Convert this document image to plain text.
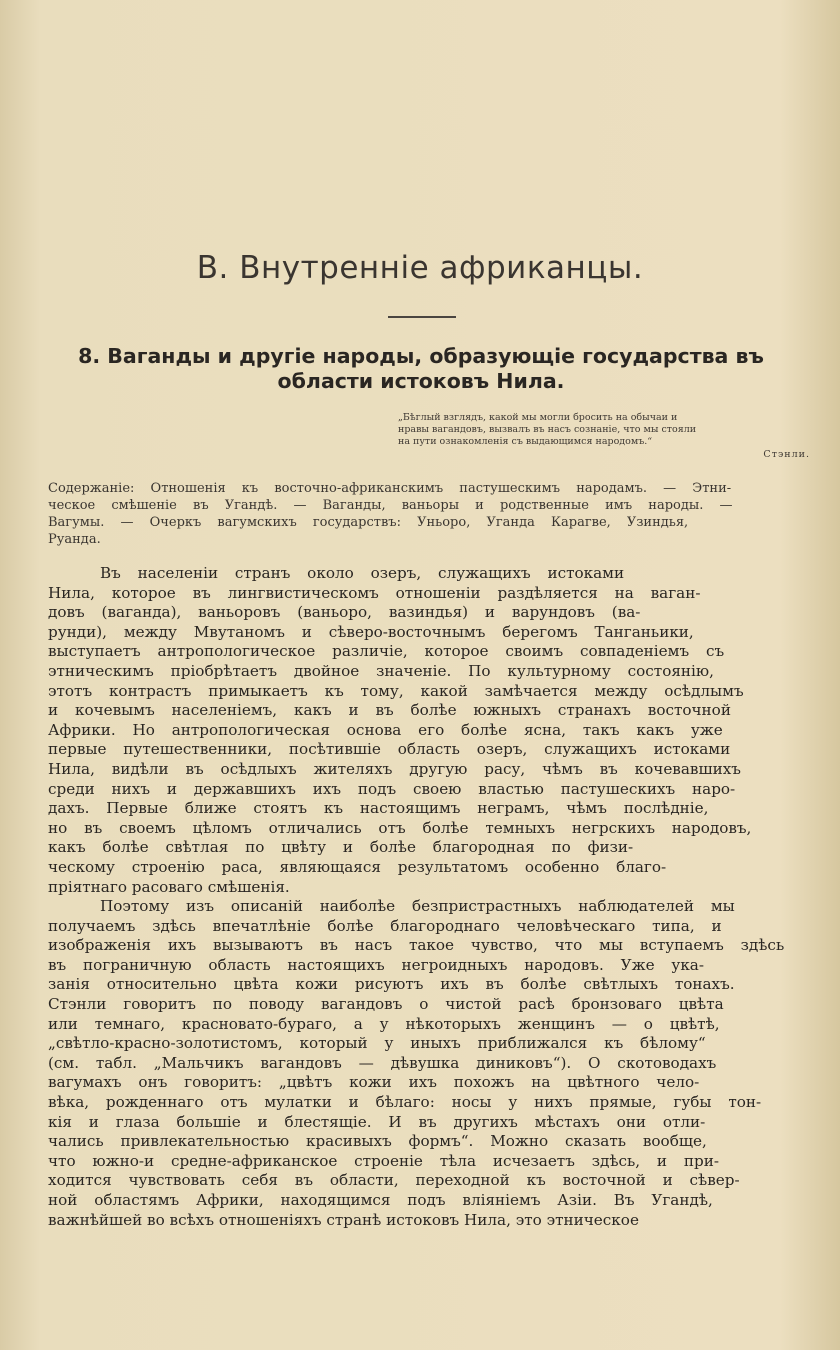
B. Внутренніе африканцы.
8. Ваганды и другіе народы, образующіе государства въ области истоковъ Нила.
„Бѣглый взглядъ, какой мы могли бросить на обычаи и
нравы вагандовъ, вызвалъ въ насъ сознаніе, что мы стояли
на пути ознакомленія съ выдающимся народомъ.“
Стэнли.
Содержаніе: Отношенія къ восточно-африканскимъ пастушескимъ народамъ. — Этни-
ческое смѣшеніе въ Угандѣ. — Ваганды, ваньоры и родственные имъ народы. —
Вагумы. — Очеркъ вагумскихъ государствъ: Уньоро, Уганда Карагве, Узиндья,
Руанда.
Въ населеніи странъ около озеръ, служащихъ истоками
Нила, которое въ лингвистическомъ отношеніи раздѣляется на ваган-
довъ (ваганда), ваньоровъ (ваньоро, вазиндья) и варундовъ (ва-
рунди), между Мвутаномъ и сѣверо-восточнымъ берегомъ Танганьики,
выступаетъ антропологическое различіе, которое своимъ совпаденіемъ съ
этническимъ пріобрѣтаетъ двойное значеніе. По культурному состоянію,
этотъ контрастъ примыкаетъ къ тому, какой замѣчается между осѣдлымъ
и кочевымъ населеніемъ, какъ и въ болѣе южныхъ странахъ восточной
Африки. Но антропологическая основа его болѣе ясна, такъ какъ уже
первые путешественники, посѣтившіе область озеръ, служащихъ истоками
Нила, видѣли въ осѣдлыхъ жителяхъ другую расу, чѣмъ въ кочевавшихъ
среди нихъ и державшихъ ихъ подъ своею властью пастушескихъ наро-
дахъ. Первые ближе стоятъ къ настоящимъ неграмъ, чѣмъ послѣдніе,
но въ своемъ цѣломъ отличались отъ болѣе темныхъ негрскихъ народовъ,
какъ болѣе свѣтлая по цвѣту и болѣе благородная по физи-
ческому строенію раса, являющаяся результатомъ особенно благо-
пріятнаго расоваго смѣшенія.
Поэтому изъ описаній наиболѣе безпристрастныхъ наблюдателей мы
получаемъ здѣсь впечатлѣніе болѣе благороднаго человѣческаго типа, и
изображенія ихъ вызываютъ въ насъ такое чувство, что мы вступаемъ здѣсь
въ пограничную область настоящихъ негроидныхъ народовъ. Уже ука-
занія относительно цвѣта кожи рисуютъ ихъ въ болѣе свѣтлыхъ тонахъ.
Стэнли говоритъ по поводу вагандовъ о чистой расѣ бронзоваго цвѣта
или темнаго, красновато-бураго, а у нѣкоторыхъ женщинъ — о цвѣтѣ,
„свѣтло-красно-золотистомъ, который у иныхъ приближался къ бѣлому“
(см. табл. „Мальчикъ вагандовъ — дѣвушка диниковъ“). О скотоводахъ
вагумахъ онъ говоритъ: „цвѣтъ кожи ихъ похожъ на цвѣтного чело-
вѣка, рожденнаго отъ мулатки и бѣлаго: носы у нихъ прямые, губы тон-
кія и глаза большіе и блестящіе. И въ другихъ мѣстахъ они отли-
чались привлекательностью красивыхъ формъ“. Можно сказать вообще,
что южно-и средне-африканское строеніе тѣла исчезаетъ здѣсь, и при-
ходится чувствовать себя въ области, переходной къ восточной и сѣвер-
ной областямъ Африки, находящимся подъ вліяніемъ Азіи. Въ Угандѣ,
важнѣйшей во всѣхъ отношеніяхъ странѣ истоковъ Нила, это этническое
